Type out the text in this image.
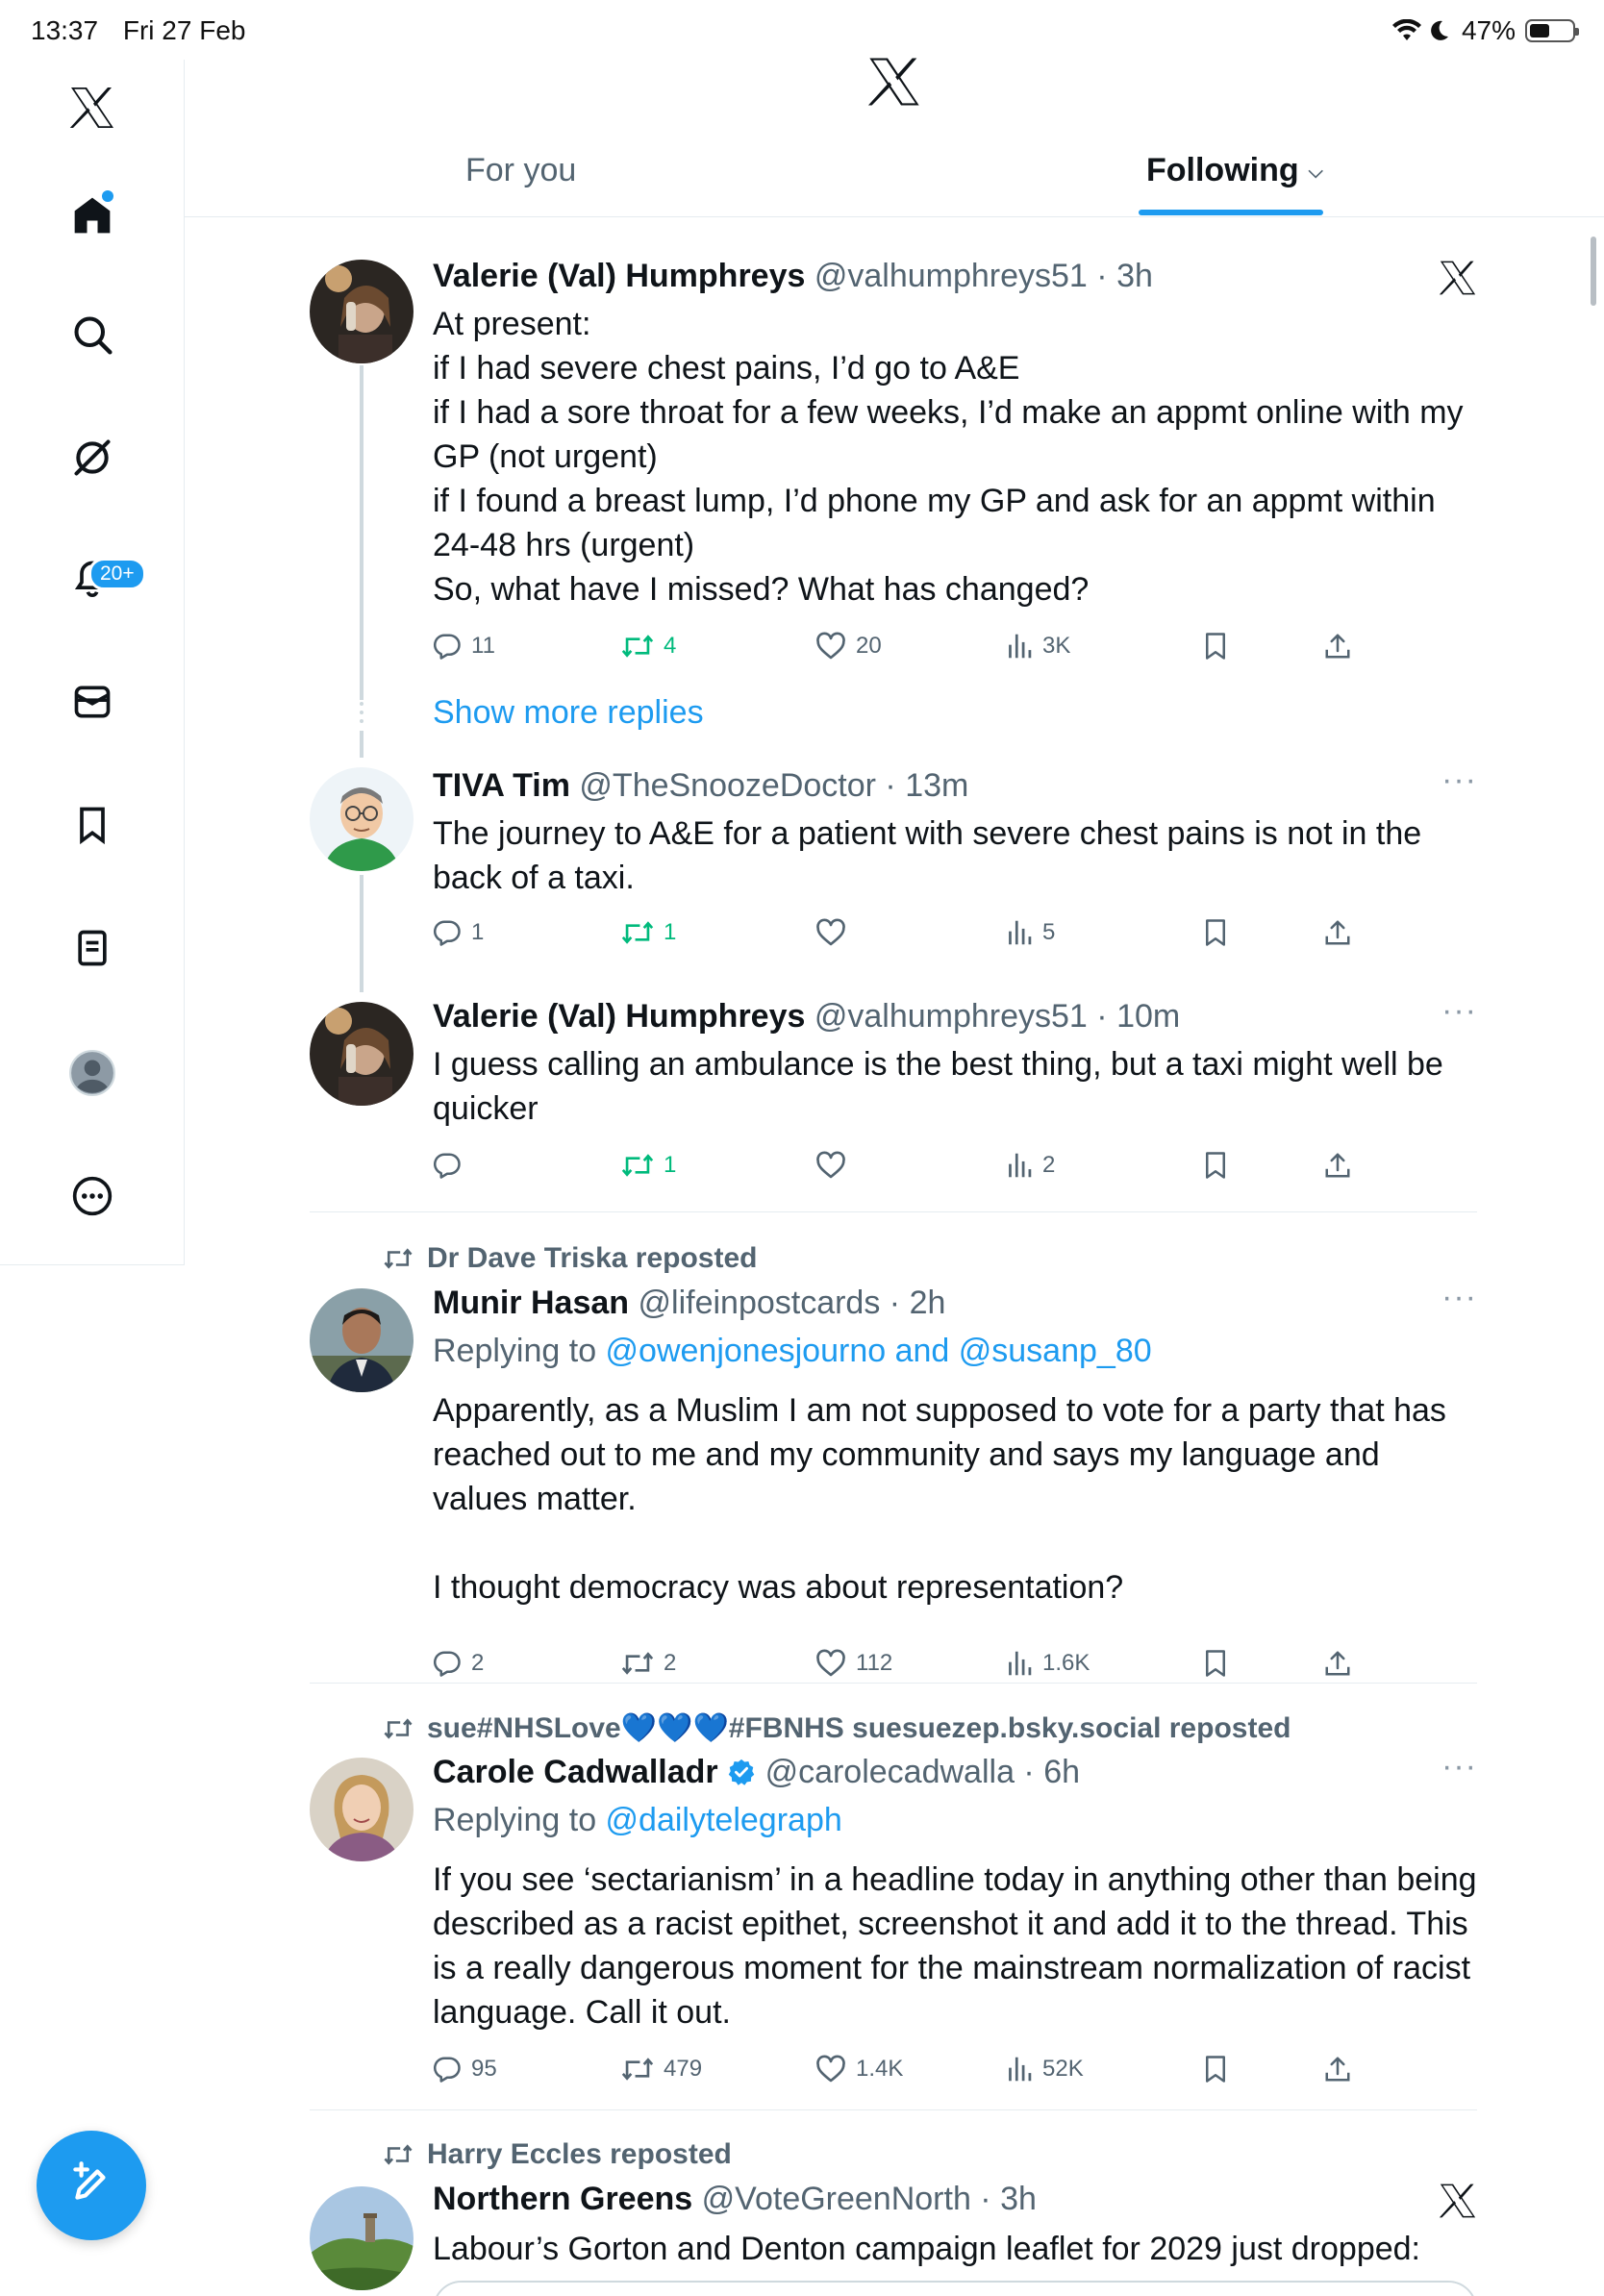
13:37 Fri 27 Feb	47%
20+
For you	Following ⌵
Valerie (Val) Humphreys @valhumphreys51 · 3h
At present:
if I had severe chest pains, I’d go to A&E
if I had a sore throat for a few weeks, I’d make an appmt online with my GP (not urgent)
if I found a breast lump, I’d phone my GP and ask for an appmt within 24-48 hrs (urgent)
So, what have I missed? What has changed?
11	4	20	3K
Show more replies
TIVA Tim @TheSnoozeDoctor · 13m	···
The journey to A&E for a patient with severe chest pains is not in the back of a taxi.
1	1	5
Valerie (Val) Humphreys @valhumphreys51 · 10m	···
I guess calling an ambulance is the best thing, but a taxi might well be quicker
1	2
Dr Dave Triska reposted
Munir Hasan @lifeinpostcards · 2h	···
Replying to @owenjonesjourno and @susanp_80
Apparently, as a Muslim I am not supposed to vote for a party that has reached out to me and my community and says my language and values matter.

I thought democracy was about representation?
2	2	112	1.6K
sue#NHSLove💙💙💙#FBNHS suesuezep.bsky.social reposted
Carole Cadwalladr @carolecadwalla · 6h	···
Replying to @dailytelegraph
If you see ‘sectarianism’ in a headline today in anything other than being described as a racist epithet, screenshot it and add it to the thread. This is a really dangerous moment for the mainstream normalization of racist language. Call it out.
95	479	1.4K	52K
Harry Eccles reposted
Northern Greens @VoteGreenNorth · 3h
Labour’s Gorton and Denton campaign leaflet for 2029 just dropped:
